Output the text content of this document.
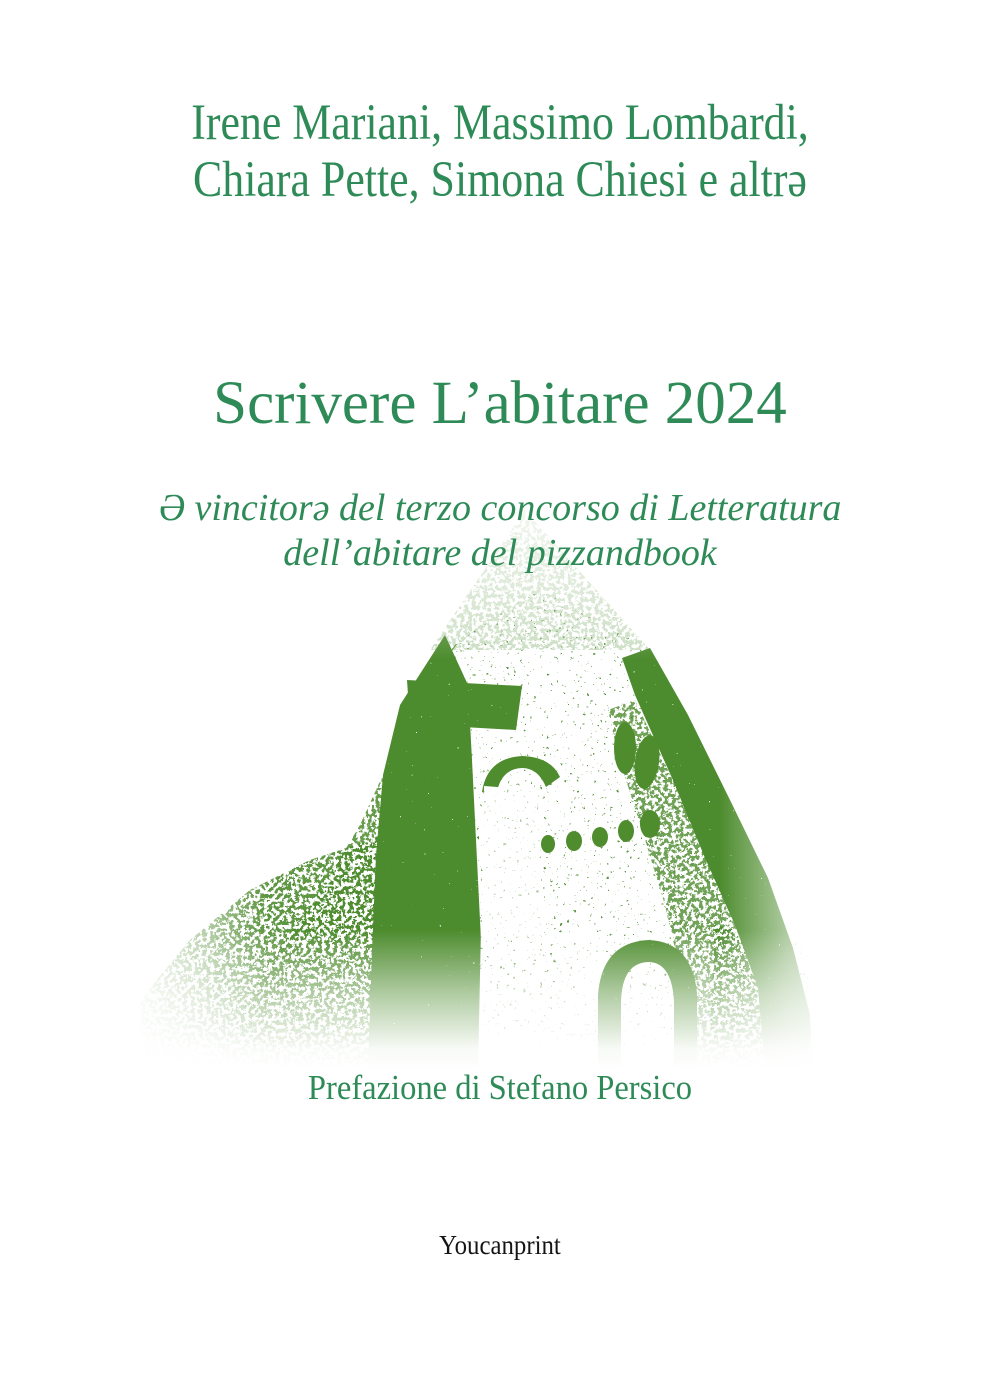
Irene Mariani, Massimo Lombardi,
Chiara Pette, Simona Chiesi e altrə
Scrivere L’abitare 2024
Ə vincitorə del terzo concorso di Letteratura
dell’abitare del pizzandbook
Prefazione di Stefano Persico
Youcanprint
